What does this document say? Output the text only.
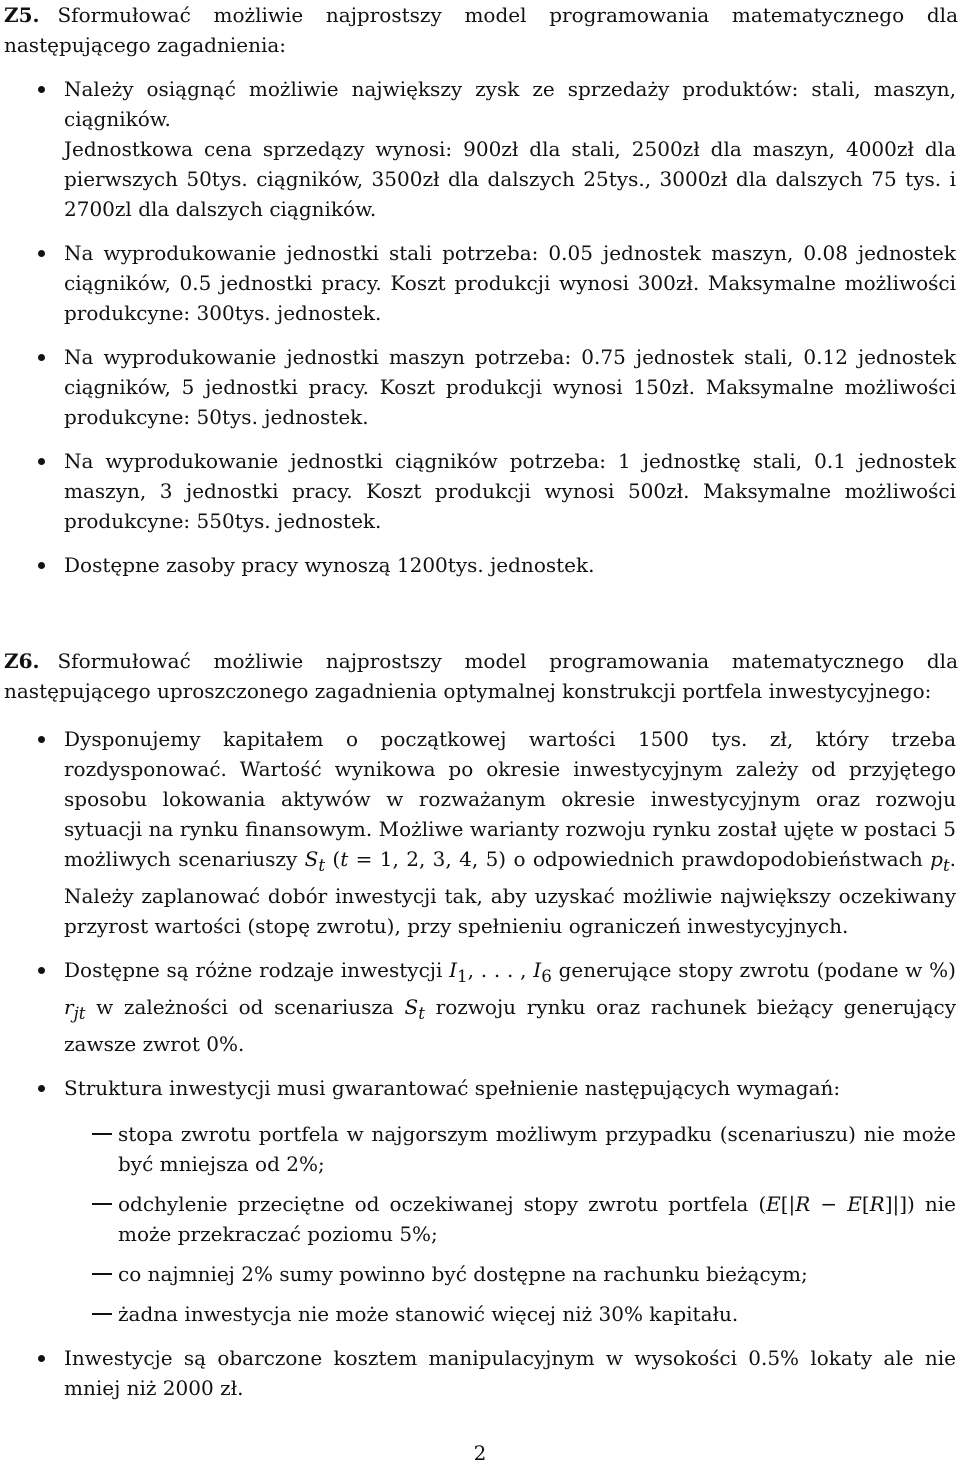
Z5. Sformułować możliwie najprostszy model programowania matematycznego dla następującego zagadnienia:

Należy osiągnąć możliwie największy zysk ze sprzedaży produktów: stali, maszyn, ciągników.
Jednostkowa cena sprzedązy wynosi: 900zł dla stali, 2500zł dla maszyn, 4000zł dla pierwszych 50tys. ciągników, 3500zł dla dalszych 25tys., 3000zł dla dalszych 75 tys. i 2700zl dla dalszych ciągników.
Na wyprodukowanie jednostki stali potrzeba: 0.05 jednostek maszyn, 0.08 jednostek ciągników, 0.5 jednostki pracy. Koszt produkcji wynosi 300zł. Maksymalne możliwości produkcyne: 300tys. jednostek.
Na wyprodukowanie jednostki maszyn potrzeba: 0.75 jednostek stali, 0.12 jednostek ciągników, 5 jednostki pracy. Koszt produkcji wynosi 150zł. Maksymalne możliwości produkcyne: 50tys. jednostek.
Na wyprodukowanie jednostki ciągników potrzeba: 1 jednostkę stali, 0.1 jednostek maszyn, 3 jednostki pracy. Koszt produkcji wynosi 500zł. Maksymalne możliwości produkcyne: 550tys. jednostek.
Dostępne zasoby pracy wynoszą 1200tys. jednostek.

Z6. Sformułować możliwie najprostszy model programowania matematycznego dla następującego uproszczonego zagadnienia optymalnej konstrukcji portfela inwestycyjnego:

Dysponujemy kapitałem o początkowej wartości 1500 tys. zł, który trzeba rozdysponować. Wartość wynikowa po okresie inwestycyjnym zależy od przyjętego sposobu lokowania aktywów w rozważanym okresie inwestycyjnym oraz rozwoju sytuacji na rynku finansowym. Możliwe warianty rozwoju rynku został ujęte w postaci 5 możliwych scenariuszy $S_t$ (t = 1, 2, 3, 4, 5) o odpowiednich prawdopodobieństwach $p_t$. Należy zaplanować dobór inwestycji tak, aby uzyskać możliwie największy oczekiwany przyrost wartości (stopę zwrotu), przy spełnieniu ograniczeń inwestycyjnych.
Dostępne są różne rodzaje inwestycji $I_1$, . . . , $I_6$ generujące stopy zwrotu (podane w %) $r_{jt}$ w zależności od scenariusza $S_t$ rozwoju rynku oraz rachunek bieżący generujący zawsze zwrot 0%.
Struktura inwestycji musi gwarantować spełnienie następujących wymagań:
stopa zwrotu portfela w najgorszym możliwym przypadku (scenariuszu) nie może być mniejsza od 2%;
odchylenie przeciętne od oczekiwanej stopy zwrotu portfela (E[|R − E[R]|]) nie może przekraczać poziomu 5%;
co najmniej 2% sumy powinno być dostępne na rachunku bieżącym;
żadna inwestycja nie może stanowić więcej niż 30% kapitału.
Inwestycje są obarczone kosztem manipulacyjnym w wysokości 0.5% lokaty ale nie mniej niż 2000 zł.
2
